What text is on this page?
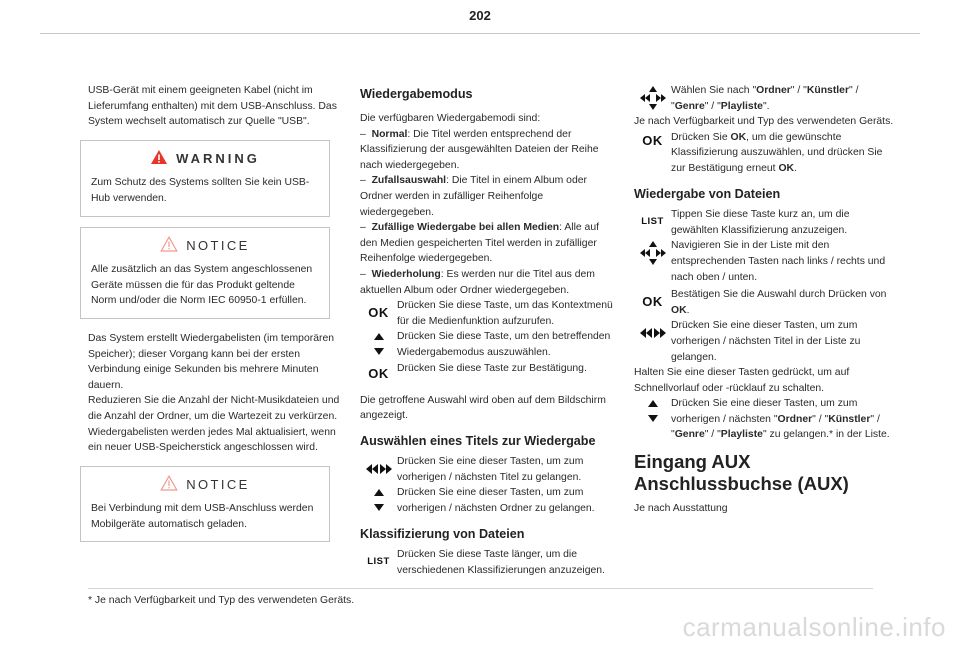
202

USB-Gerät mit einem geeigneten Kabel (nicht im Lieferumfang enthalten) mit dem USB-Anschluss. Das System wechselt automatisch zur Quelle "USB".

WARNING

Zum Schutz des Systems sollten Sie kein USB-Hub verwenden.

NOTICE

Alle zusätzlich an das System angeschlossenen Geräte müssen die für das Produkt geltende Norm und/oder die Norm IEC 60950-1 erfüllen.

Das System erstellt Wiedergabelisten (im temporären Speicher); dieser Vorgang kann bei der ersten Verbindung einige Sekunden bis mehrere Minuten dauern.

Reduzieren Sie die Anzahl der Nicht-Musikdateien und die Anzahl der Ordner, um die Wartezeit zu verkürzen. Wiedergabelisten werden jedes Mal aktualisiert, wenn ein neuer USB-Speicherstick angeschlossen wird.

NOTICE

Bei Verbindung mit dem USB-Anschluss werden Mobilgeräte automatisch geladen.

Wiedergabemodus

Die verfügbaren Wiedergabemodi sind:

–  Normal: Die Titel werden entsprechend der Klassifizierung der ausgewählten Dateien der Reihe nach wiedergegeben.

–  Zufallsauswahl: Die Titel in einem Album oder Ordner werden in zufälliger Reihenfolge wiedergegeben.

–  Zufällige Wiedergabe bei allen Medien: Alle auf den Medien gespeicherten Titel werden in zufälliger Reihenfolge wiedergegeben.

–  Wiederholung: Es werden nur die Titel aus dem aktuellen Album oder Ordner wiedergegeben.

OK Drücken Sie diese Taste, um das Kontextmenü für die Medienfunktion aufzurufen.
Drücken Sie diese Taste, um den betreffenden Wiedergabemodus auszuwählen.
OK Drücken Sie diese Taste zur Bestätigung.

Die getroffene Auswahl wird oben auf dem Bildschirm angezeigt.

Auswählen eines Titels zur Wiedergabe
Drücken Sie eine dieser Tasten, um zum vorherigen / nächsten Titel zu gelangen.
Drücken Sie eine dieser Tasten, um zum vorherigen / nächsten Ordner zu gelangen.
Klassifizierung von Dateien
LIST
Drücken Sie diese Taste länger, um die verschiedenen Klassifizierungen anzuzeigen.
Wählen Sie nach "Ordner" / "Künstler" / "Genre" / "Playliste".

Je nach Verfügbarkeit und Typ des verwendeten Geräts.

OK Drücken Sie OK, um die gewünschte Klassifizierung auszuwählen, und drücken Sie zur Bestätigung erneut OK.
Wiedergabe von Dateien
LIST
Tippen Sie diese Taste kurz an, um die gewählten Klassifizierung anzuzeigen.
Navigieren Sie in der Liste mit den entsprechenden Tasten nach links / rechts und nach oben / unten.
OK Bestätigen Sie die Auswahl durch Drücken von OK.
Drücken Sie eine dieser Tasten, um zum vorherigen / nächsten Titel in der Liste zu gelangen.

Halten Sie eine dieser Tasten gedrückt, um auf Schnellvorlauf oder -rücklauf zu schalten.

Drücken Sie eine dieser Tasten, um zum vorherigen / nächsten "Ordner" / "Künstler" / "Genre" / "Playliste" zu gelangen.* in der Liste.
Eingang AUX Anschlussbuchse (AUX)

Je nach Ausstattung

* Je nach Verfügbarkeit und Typ des verwendeten Geräts.
carmanualsonline.info
